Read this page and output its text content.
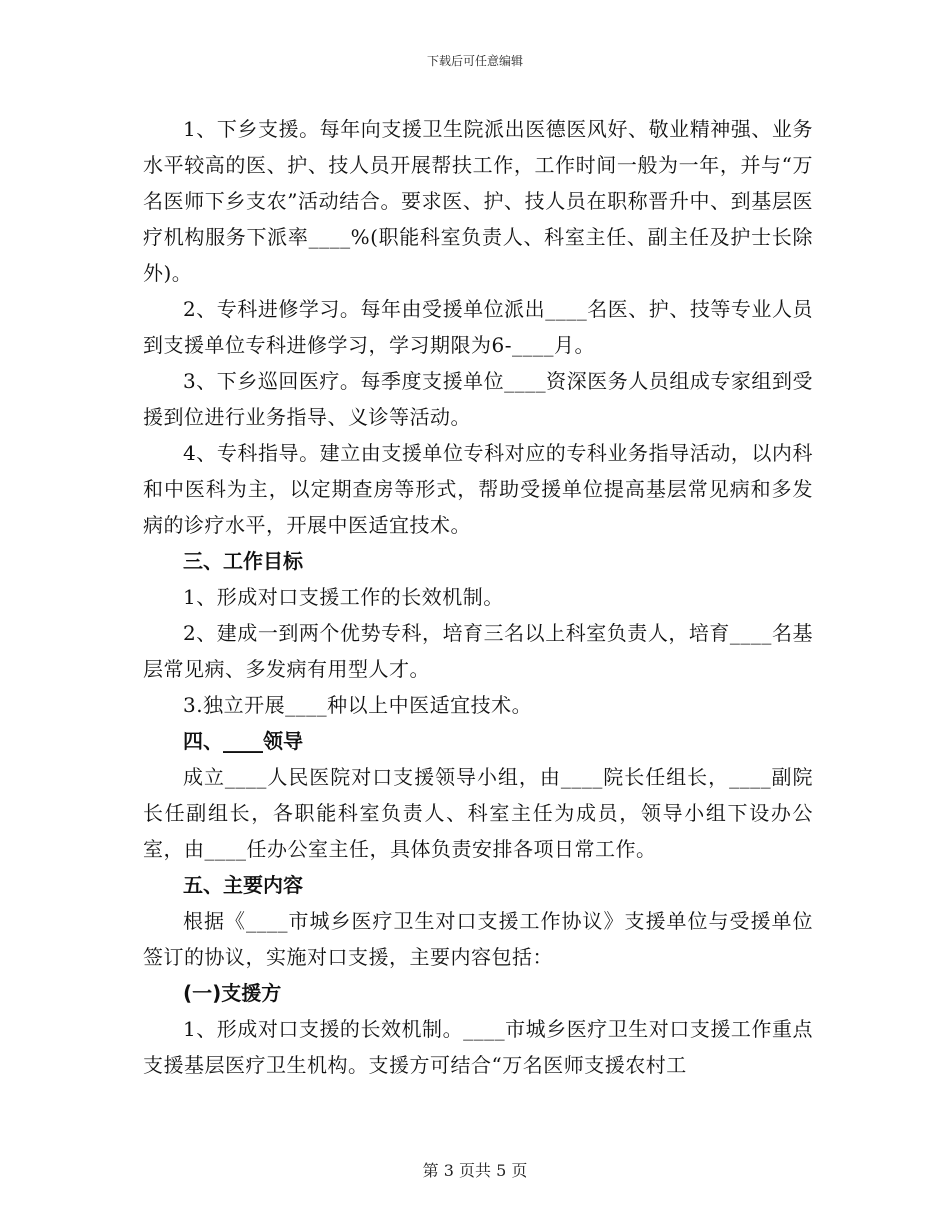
下载后可任意编辑

1、下乡支援。每年向支援卫生院派出医德医风好、敬业精神强、业务水平较高的医、护、技人员开展帮扶工作，工作时间一般为一年，并与“万名医师下乡支农”活动结合。要求医、护、技人员在职称晋升中、到基层医疗机构服务下派率____%(职能科室负责人、科室主任、副主任及护士长除外)。

2、专科进修学习。每年由受援单位派出____名医、护、技等专业人员到支援单位专科进修学习，学习期限为6-____月。

3、下乡巡回医疗。每季度支援单位____资深医务人员组成专家组到受援到位进行业务指导、义诊等活动。

4、专科指导。建立由支援单位专科对应的专科业务指导活动，以内科和中医科为主，以定期查房等形式，帮助受援单位提高基层常见病和多发病的诊疗水平，开展中医适宜技术。

三、工作目标

1、形成对口支援工作的长效机制。

2、建成一到两个优势专科，培育三名以上科室负责人，培育____名基层常见病、多发病有用型人才。

3.独立开展____种以上中医适宜技术。

四、____领导

成立____人民医院对口支援领导小组，由____院长任组长，____副院长任副组长，各职能科室负责人、科室主任为成员，领导小组下设办公室，由____任办公室主任，具体负责安排各项日常工作。

五、主要内容

根据《____市城乡医疗卫生对口支援工作协议》支援单位与受援单位签订的协议，实施对口支援，主要内容包括：

(一)支援方

1、形成对口支援的长效机制。____市城乡医疗卫生对口支援工作重点支援基层医疗卫生机构。支援方可结合“万名医师支援农村工

第 3 页共 5 页
